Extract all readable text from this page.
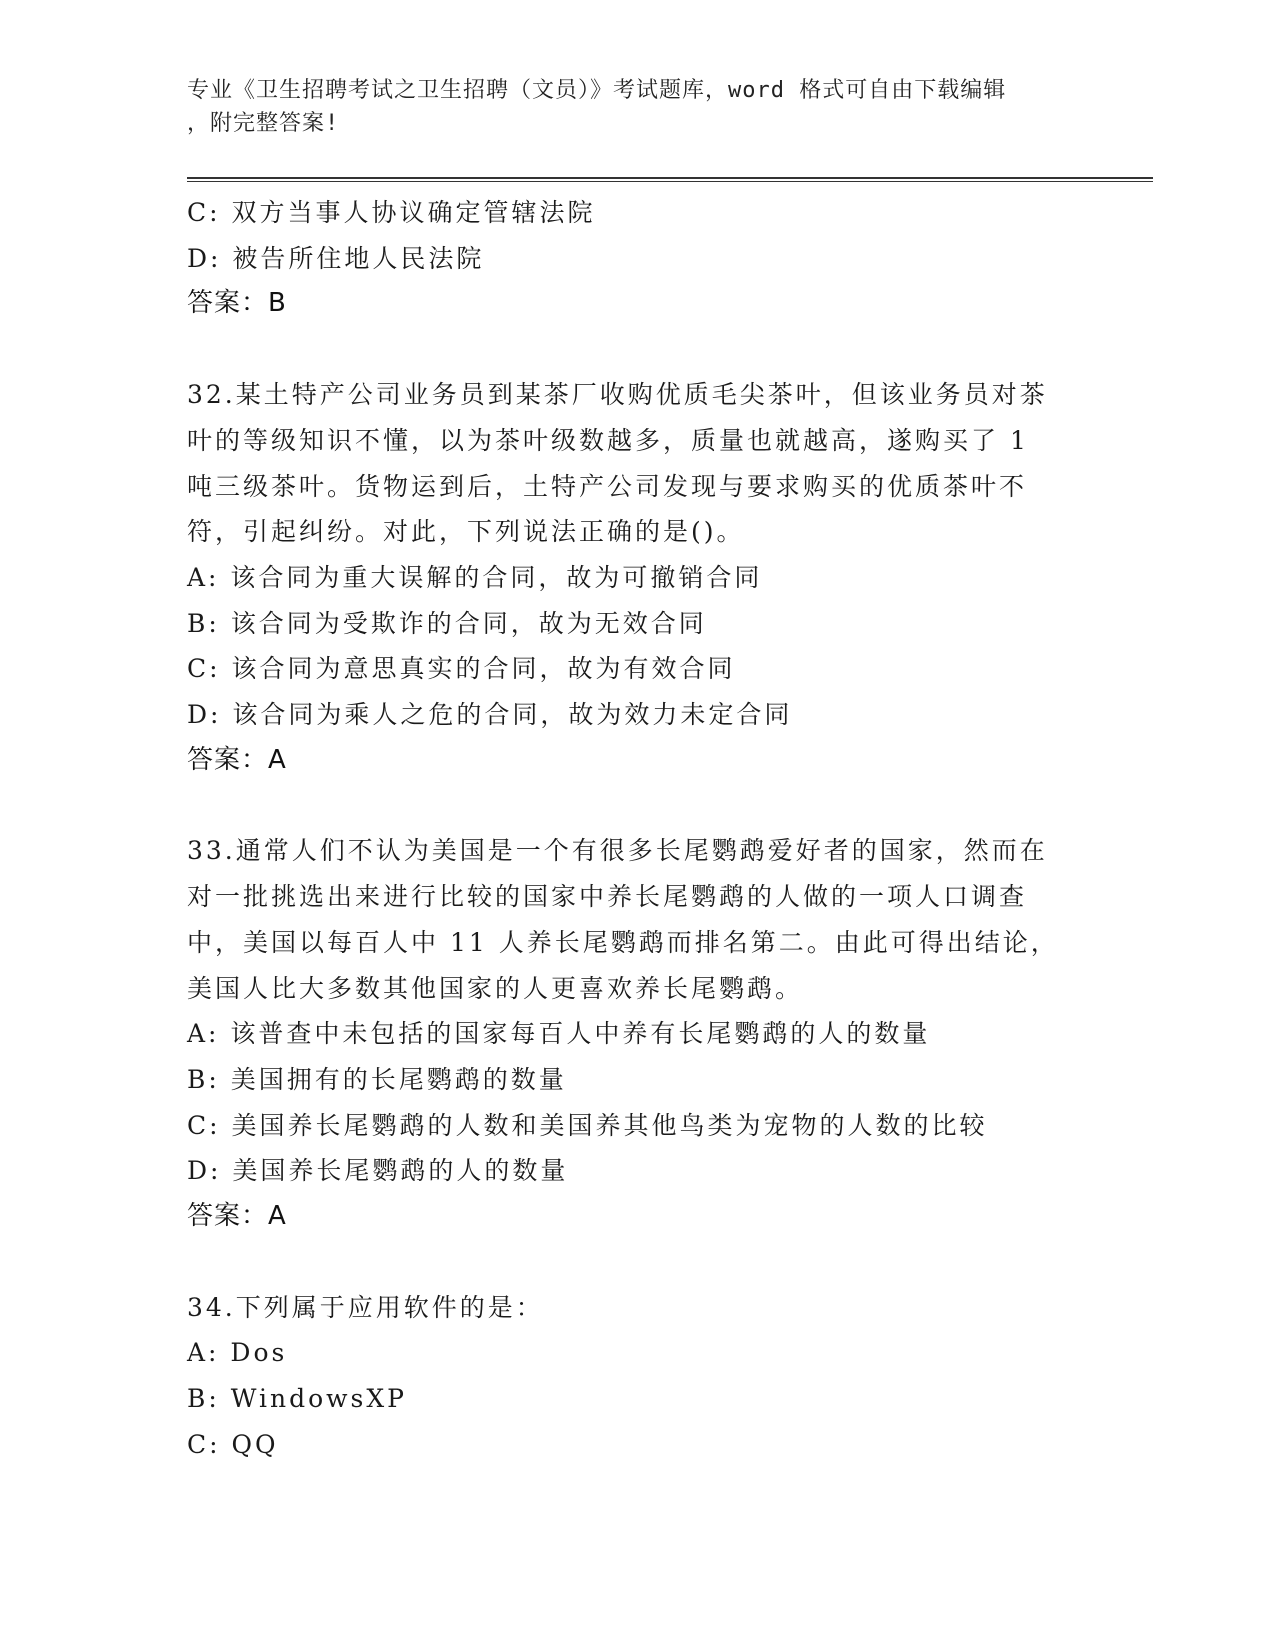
专业《卫生招聘考试之卫生招聘（文员）》考试题库，word 格式可自由下载编辑
，附完整答案!
C: 双方当事人协议确定管辖法院
D: 被告所住地人民法院
答案：B
32.某土特产公司业务员到某茶厂收购优质毛尖茶叶，但该业务员对茶
叶的等级知识不懂，以为茶叶级数越多，质量也就越高，遂购买了 1
吨三级茶叶。货物运到后，土特产公司发现与要求购买的优质茶叶不
符，引起纠纷。对此，下列说法正确的是()。
A: 该合同为重大误解的合同，故为可撤销合同
B: 该合同为受欺诈的合同，故为无效合同
C: 该合同为意思真实的合同，故为有效合同
D: 该合同为乘人之危的合同，故为效力未定合同
答案：A
33.通常人们不认为美国是一个有很多长尾鹦鹉爱好者的国家，然而在
对一批挑选出来进行比较的国家中养长尾鹦鹉的人做的一项人口调查
中，美国以每百人中 11 人养长尾鹦鹉而排名第二。由此可得出结论，
美国人比大多数其他国家的人更喜欢养长尾鹦鹉。
A: 该普查中未包括的国家每百人中养有长尾鹦鹉的人的数量
B: 美国拥有的长尾鹦鹉的数量
C: 美国养长尾鹦鹉的人数和美国养其他鸟类为宠物的人数的比较
D: 美国养长尾鹦鹉的人的数量
答案：A
34.下列属于应用软件的是：
A: Dos
B: WindowsXP
C: QQ
